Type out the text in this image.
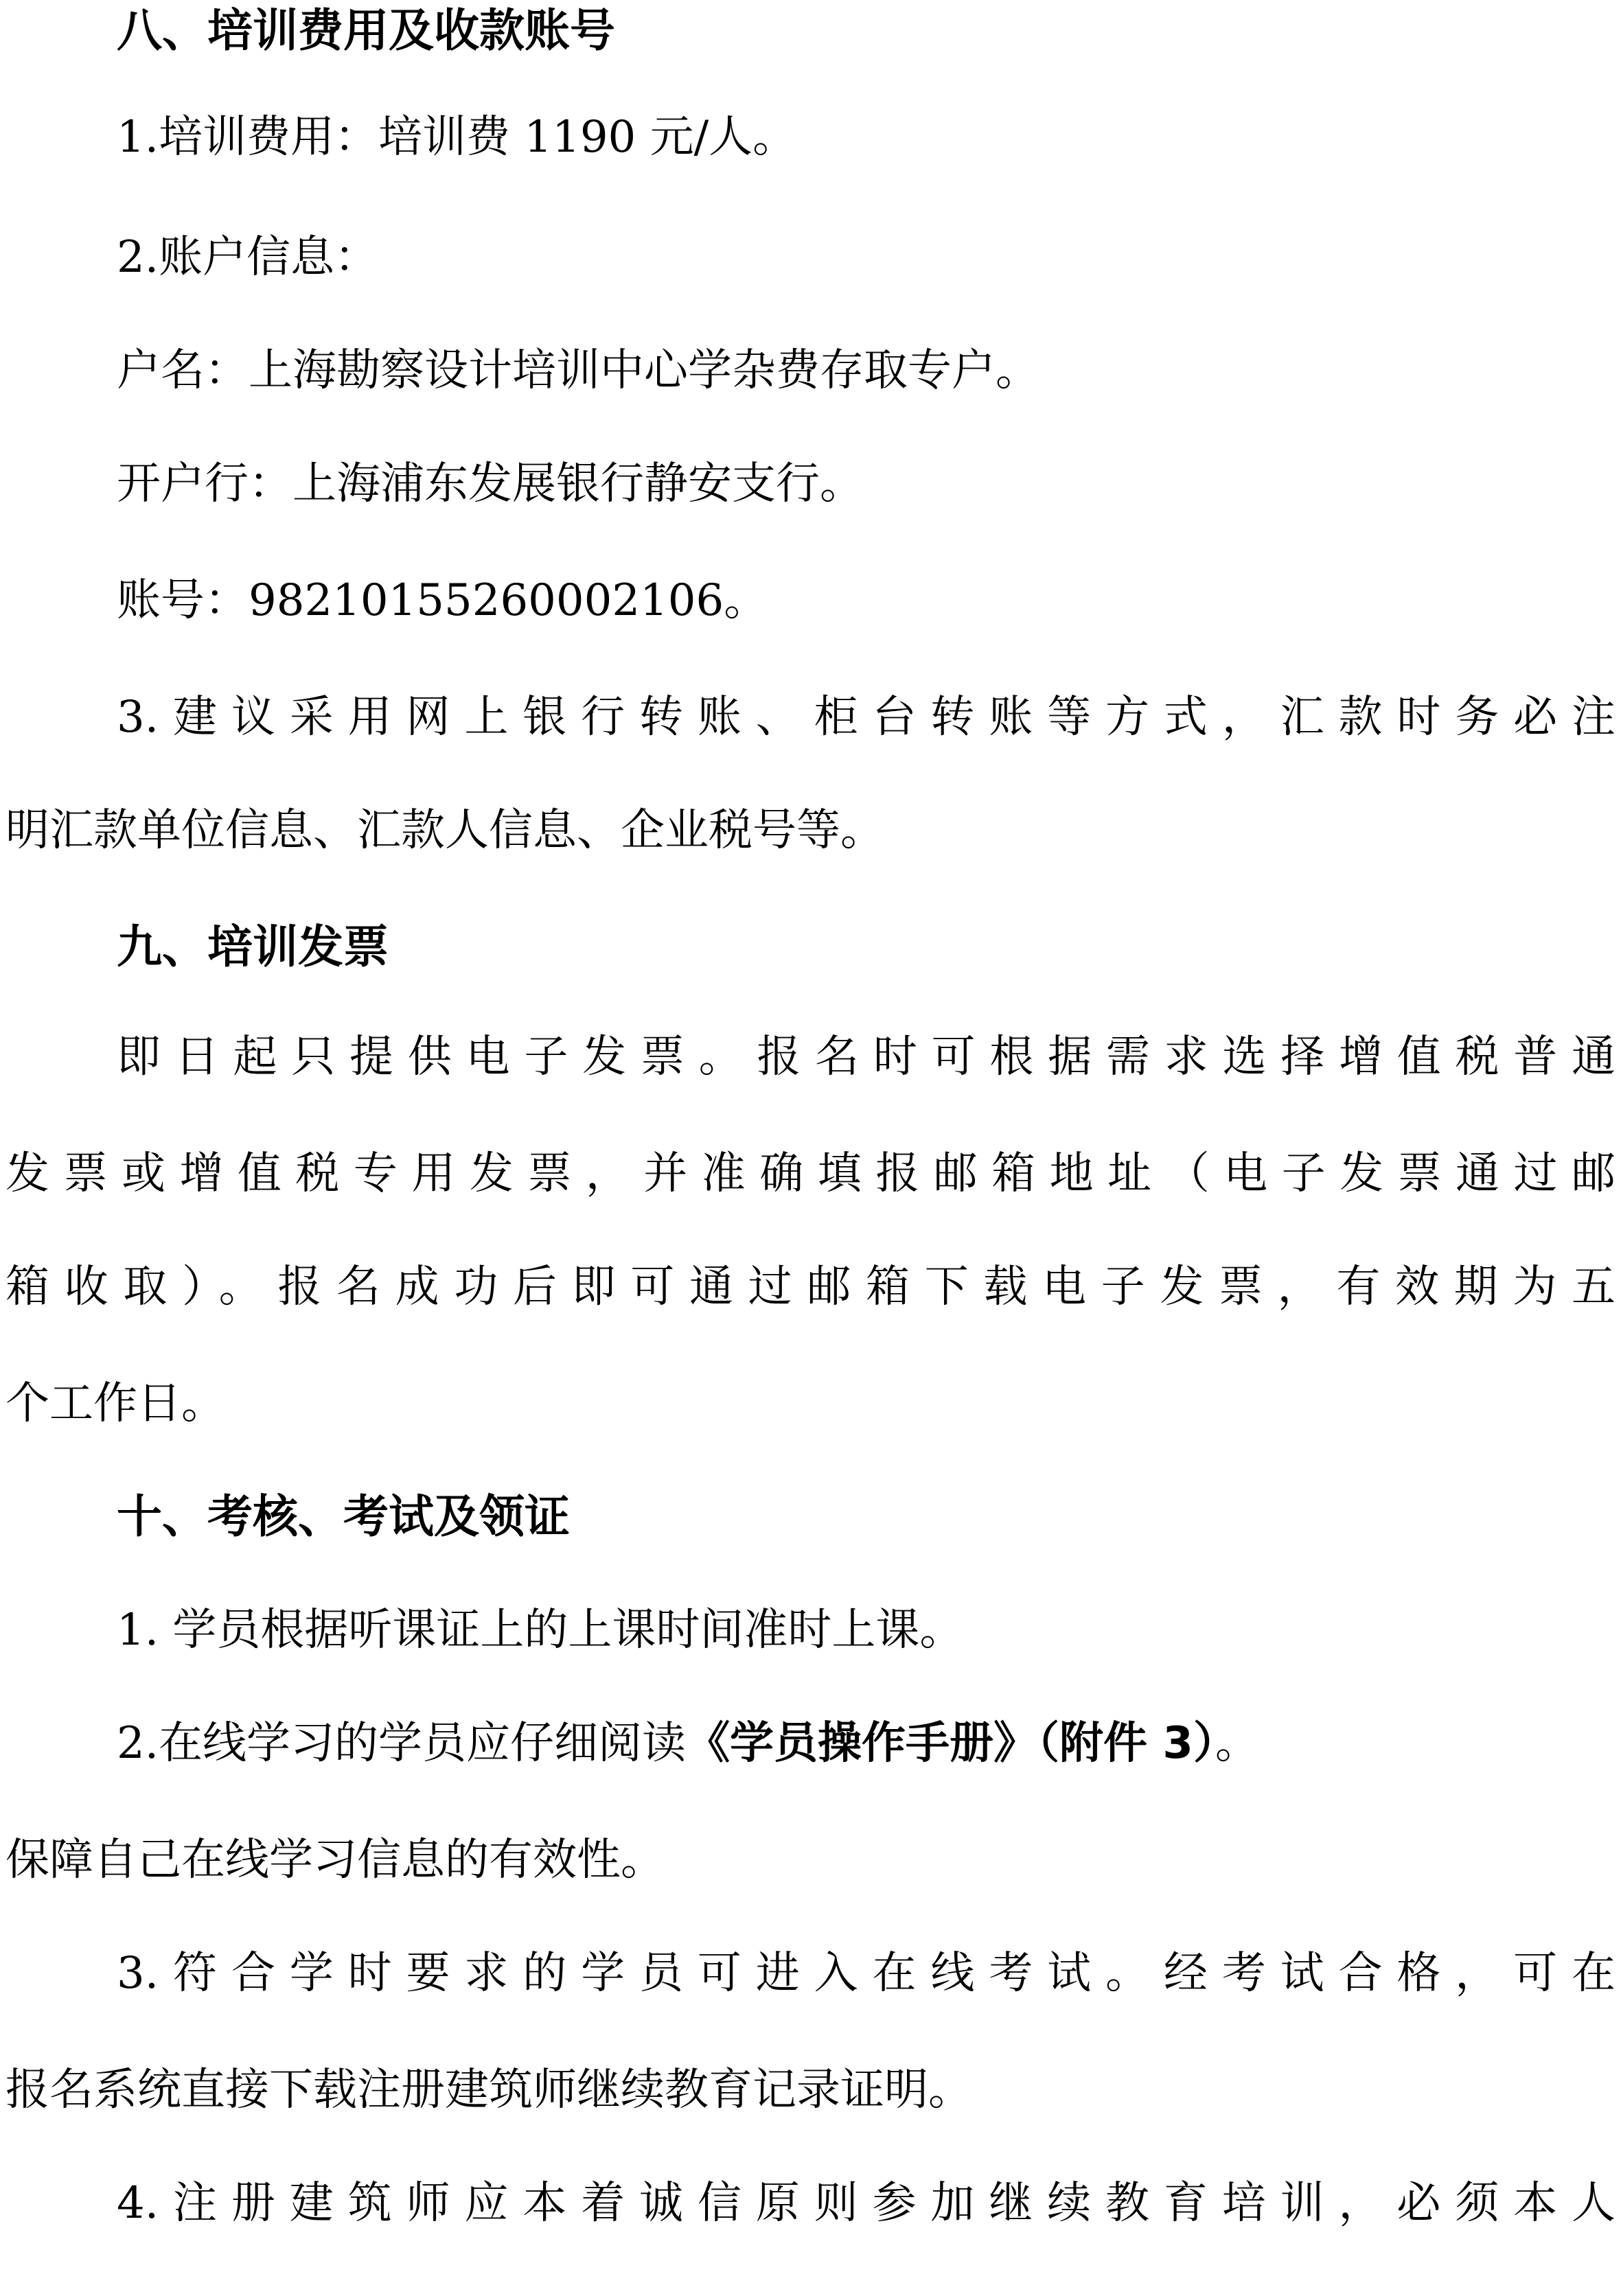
八、培训费用及收款账号
1.培训费用：培训费 1190 元/人。
2.账户信息：
户名：上海勘察设计培训中心学杂费存取专户。
开户行：上海浦东发展银行静安支行。
账号：98210155260002106。
3.建议采用网上银行转账、柜台转账等方式，汇款时务必注
明汇款单位信息、汇款人信息、企业税号等。
九、培训发票
即日起只提供电子发票。报名时可根据需求选择增值税普通
发票或增值税专用发票，并准确填报邮箱地址（电子发票通过邮
箱收取）。报名成功后即可通过邮箱下载电子发票，有效期为五
个工作日。
十、考核、考试及领证
1. 学员根据听课证上的上课时间准时上课。
2.在线学习的学员应仔细阅读《学员操作手册》（附件 3）。
保障自己在线学习信息的有效性。
3.符合学时要求的学员可进入在线考试。经考试合格，可在
报名系统直接下载注册建筑师继续教育记录证明。
4.注册建筑师应本着诚信原则参加继续教育培训，必须本人
